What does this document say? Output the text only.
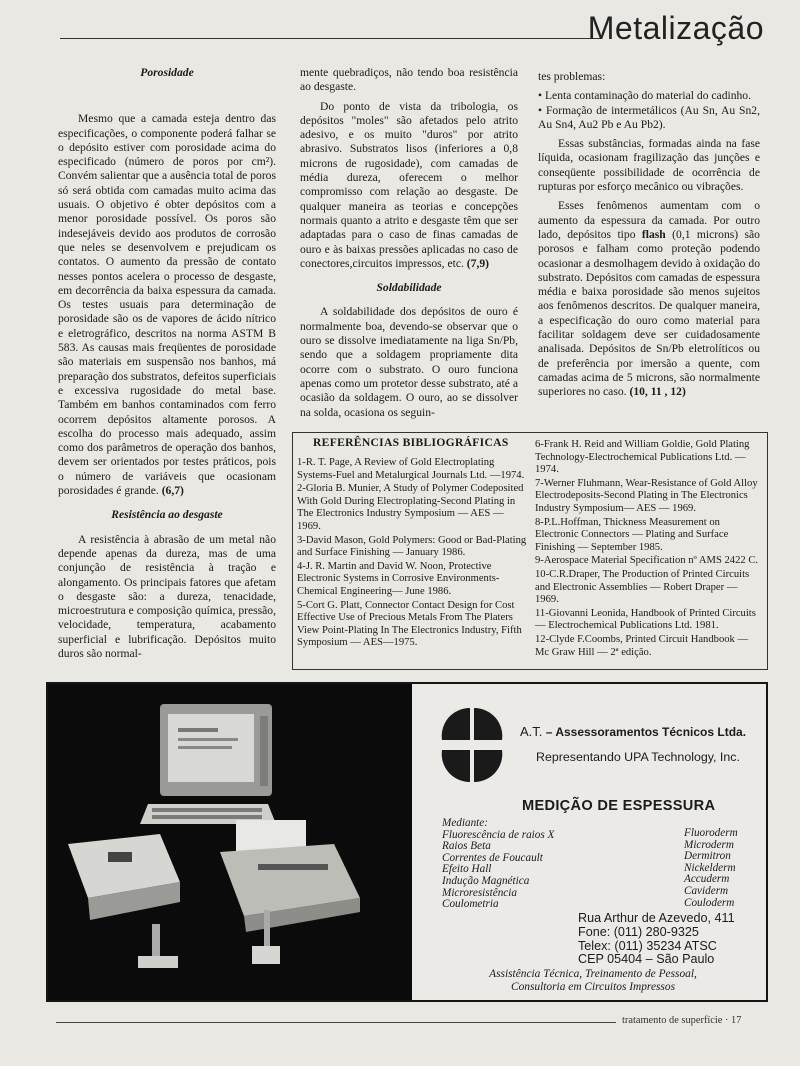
Metalização
Porosidade

Mesmo que a camada esteja dentro das especificações, o componente poderá falhar se o depósito estiver com porosidade acima do especificado (número de poros por cm²). Convém salientar que a ausência total de poros só será obtida com camadas muito acima das usuais. O objetivo é obter depósitos com a menor porosidade possível. Os poros são indesejáveis devido aos produtos de corrosão que neles se desenvolvem e prejudicam os contatos. O aumento da pressão de contato nesses pontos acelera o processo de desgaste, em decorrência da baixa espessura da camada. Os testes usuais para determinação de porosidade são os de vapores de ácido nítrico e eletrográfico, descritos na norma ASTM B 583. As causas mais freqüentes de porosidade são materiais em suspensão nos banhos, má preparação dos substratos, defeitos superficiais e excessiva rugosidade do metal base. Também em banhos contaminados com ferro ocorrem depósitos altamente porosos. A escolha do processo mais adequado, assim como dos parâmetros de operação dos banhos, devem ser orientados por testes práticos, pois o número de variáveis que ocasionam porosidades é grande. (6,7)

Resistência ao desgaste

A resistência à abrasão de um metal não depende apenas da dureza, mas de uma conjunção de resistência à tração e alongamento. Os principais fatores que afetam o desgaste são: a dureza, tenacidade, microestrutura e composição química, pressão, velocidade, temperatura, acabamento superficial e lubrificação. Depósitos muito duros são normal-

mente quebradiços, não tendo boa resistência ao desgaste.

Do ponto de vista da tribologia, os depósitos "moles" são afetados pelo atrito adesivo, e os muito "duros" por atrito abrasivo. Substratos lisos (inferiores a 0,8 microns de rugosidade), com camadas de média dureza, oferecem o melhor compromisso com relação ao desgaste. De qualquer maneira as teorias e concepções normais quanto a atrito e desgaste têm que ser adaptadas para o caso de finas camadas de ouro e às baixas pressões aplicadas no caso de conectores,circuitos impressos, etc. (7,9)

Soldabilidade

A soldabilidade dos depósitos de ouro é normalmente boa, devendo-se observar que o ouro se dissolve imediatamente na liga Sn/Pb, sendo que a soldagem propriamente dita ocorre com o substrato. O ouro funciona apenas como um protetor desse substrato, até a ocasião da soldagem. O ouro, ao se dissolver na solda, ocasiona os seguin-

tes problemas:

• Lenta contaminação do material do cadinho.
• Formação de intermetálicos (Au Sn, Au Sn2, Au Sn4, Au2 Pb e Au Pb2).

Essas substâncias, formadas ainda na fase líquida, ocasionam fragilização das junções e conseqüente possibilidade de ocorrência de rupturas por esforço mecânico ou vibrações.

Esses fenômenos aumentam com o aumento da espessura da camada. Por outro lado, depósitos tipo flash (0,1 microns) são porosos e falham como proteção podendo ocasionar a desmolhagem devido à oxidação do substrato. Depósitos com camadas de espessura média e baixa porosidade são menos sujeitos aos fenômenos descritos. De qualquer maneira, a especificação do ouro como material para facilitar soldagem deve ser cuidadosamente analisada. Depósitos de Sn/Pb eletrolíticos ou de preferência por imersão a quente, com camadas acima de 5 microns, são normalmente superiores no caso. (10, 11 , 12)

REFERÊNCIAS BIBLIOGRÁFICAS
1-R. T. Page, A Review of Gold Electroplating Systems-Fuel and Metalurgical Journals Ltd. —1974.
2-Gloria B. Munier, A Study of Polymer Codeposited With Gold During Electroplating-Second Plating in The Electronics Industry Symposium — AES — 1969.
3-David Mason, Gold Polymers: Good or Bad-Plating and Surface Finishing — January 1986.
4-J. R. Martin and David W. Noon, Protective Electronic Systems in Corrosive Environments-Chemical Engineering— June 1986.
5-Cort G. Platt, Connector Contact Design for Cost Effective Use of Precious Metals From The Platers View Point-Plating In The Electronics Industry, Fifth Symposium — AES—1975.
6-Frank H. Reid and William Goldie, Gold Plating Technology-Electrochemical Publications Ltd. — 1974.
7-Werner Fluhmann, Wear-Resistance of Gold Alloy Electrodeposits-Second Plating in The Electronics Industry Symposium— AES — 1969.
8-P.L.Hoffman, Thickness Measurement on Electronic Connectors — Plating and Surface Finishing — September 1985.
9-Aerospace Material Specification nº AMS 2422 C.
10-C.R.Draper, The Production of Printed Circuits and Electronic Assemblies — Robert Draper — 1969.
11-Giovanni Leonida, Handbook of Printed Circuits — Electrochemical Publications Ltd. 1981.
12-Clyde F.Coombs, Printed Circuit Handbook — Mc Graw Hill — 2ª edição.
A.T. – Assessoramentos Técnicos Ltda.
Representando UPA Technology, Inc.
MEDIÇÃO DE ESPESSURA
Mediante:
Fluorescência de raios X
Raios Beta
Correntes de Foucault
Efeito Hall
Indução Magnética
Microresistência
Coulometria
Fluoroderm
Microderm
Dermitron
Nickelderm
Accuderm
Caviderm
Couloderm
Rua Arthur de Azevedo, 411
Fone: (011) 280-9325
Telex: (011) 35234 ATSC
CEP 05404 – São Paulo
Assistência Técnica, Treinamento de Pessoal,
Consultoria em Circuitos Impressos
tratamento de superfície · 17
